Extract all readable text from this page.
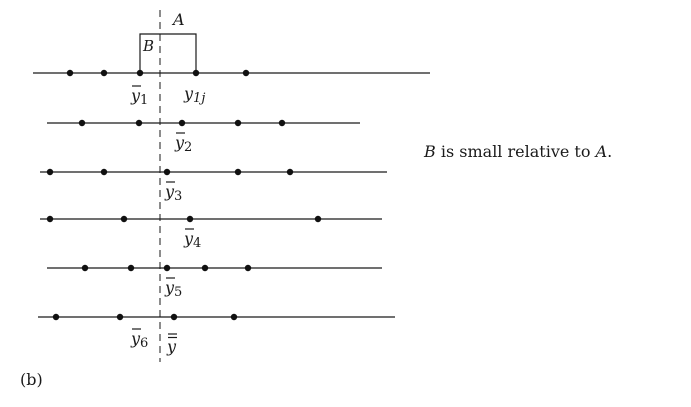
A
B
y1 y1j
y2
y3
y4
y5
y6 y
B is small relative to A.
(b)
